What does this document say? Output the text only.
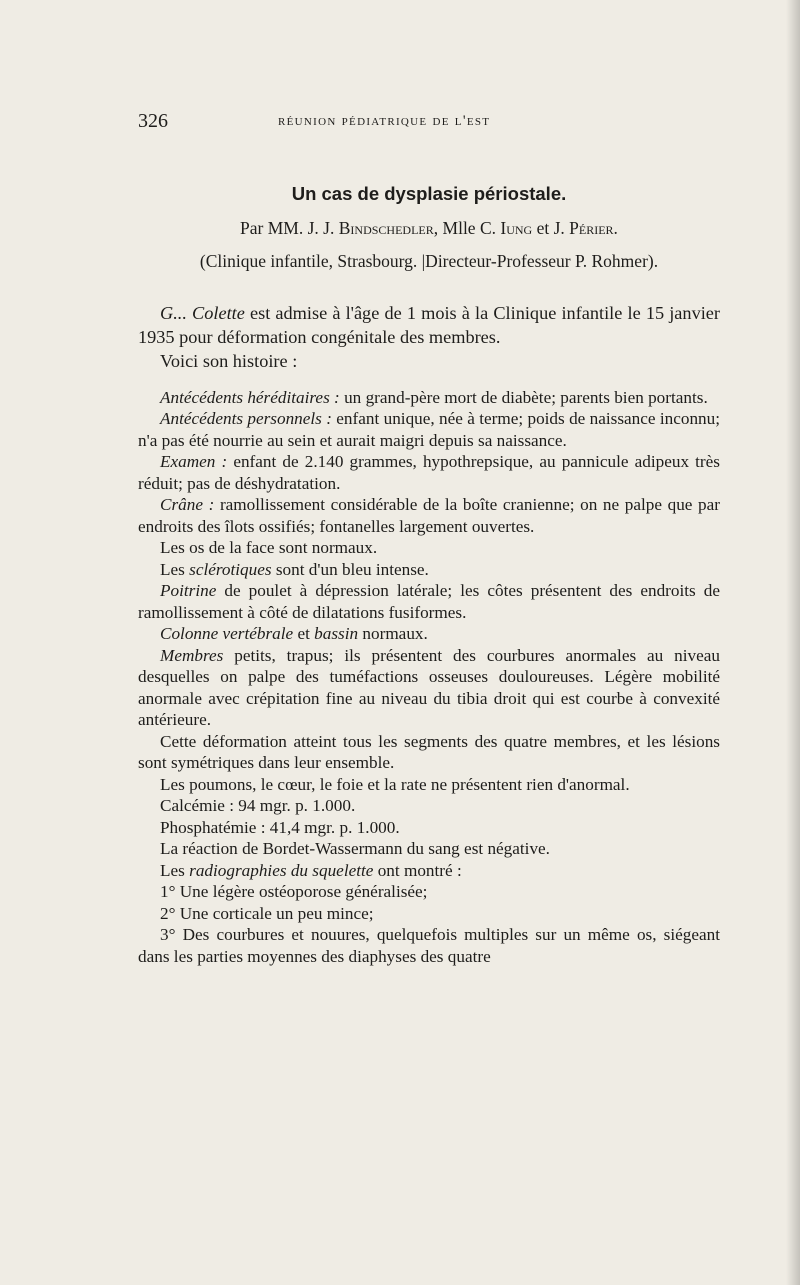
326	réunion pédiatrique de l'est
Un cas de dysplasie périostale.
Par MM. J. J. Bindschedler, Mlle C. Iung et J. Périer.
(Clinique infantile, Strasbourg. |Directeur-Professeur P. Rohmer).

G... Colette est admise à l'âge de 1 mois à la Clinique infantile le 15 janvier 1935 pour déformation congénitale des membres.

Voici son histoire :

Antécédents héréditaires : un grand-père mort de diabète; parents bien portants.

Antécédents personnels : enfant unique, née à terme; poids de naissance inconnu; n'a pas été nourrie au sein et aurait maigri depuis sa naissance.

Examen : enfant de 2.140 grammes, hypothrepsique, au pannicule adipeux très réduit; pas de déshydratation.

Crâne : ramollissement considérable de la boîte cranienne; on ne palpe que par endroits des îlots ossifiés; fontanelles largement ouvertes.

Les os de la face sont normaux.

Les sclérotiques sont d'un bleu intense.

Poitrine de poulet à dépression latérale; les côtes présentent des endroits de ramollissement à côté de dilatations fusiformes.

Colonne vertébrale et bassin normaux.

Membres petits, trapus; ils présentent des courbures anormales au niveau desquelles on palpe des tuméfactions osseuses douloureuses. Légère mobilité anormale avec crépitation fine au niveau du tibia droit qui est courbe à convexité antérieure.

Cette déformation atteint tous les segments des quatre membres, et les lésions sont symétriques dans leur ensemble.

Les poumons, le cœur, le foie et la rate ne présentent rien d'anormal.

Calcémie : 94 mgr. p. 1.000.

Phosphatémie : 41,4 mgr. p. 1.000.

La réaction de Bordet-Wassermann du sang est négative.

Les radiographies du squelette ont montré :

1° Une légère ostéoporose généralisée;

2° Une corticale un peu mince;

3° Des courbures et nouures, quelquefois multiples sur un même os, siégeant dans les parties moyennes des diaphyses des quatre
